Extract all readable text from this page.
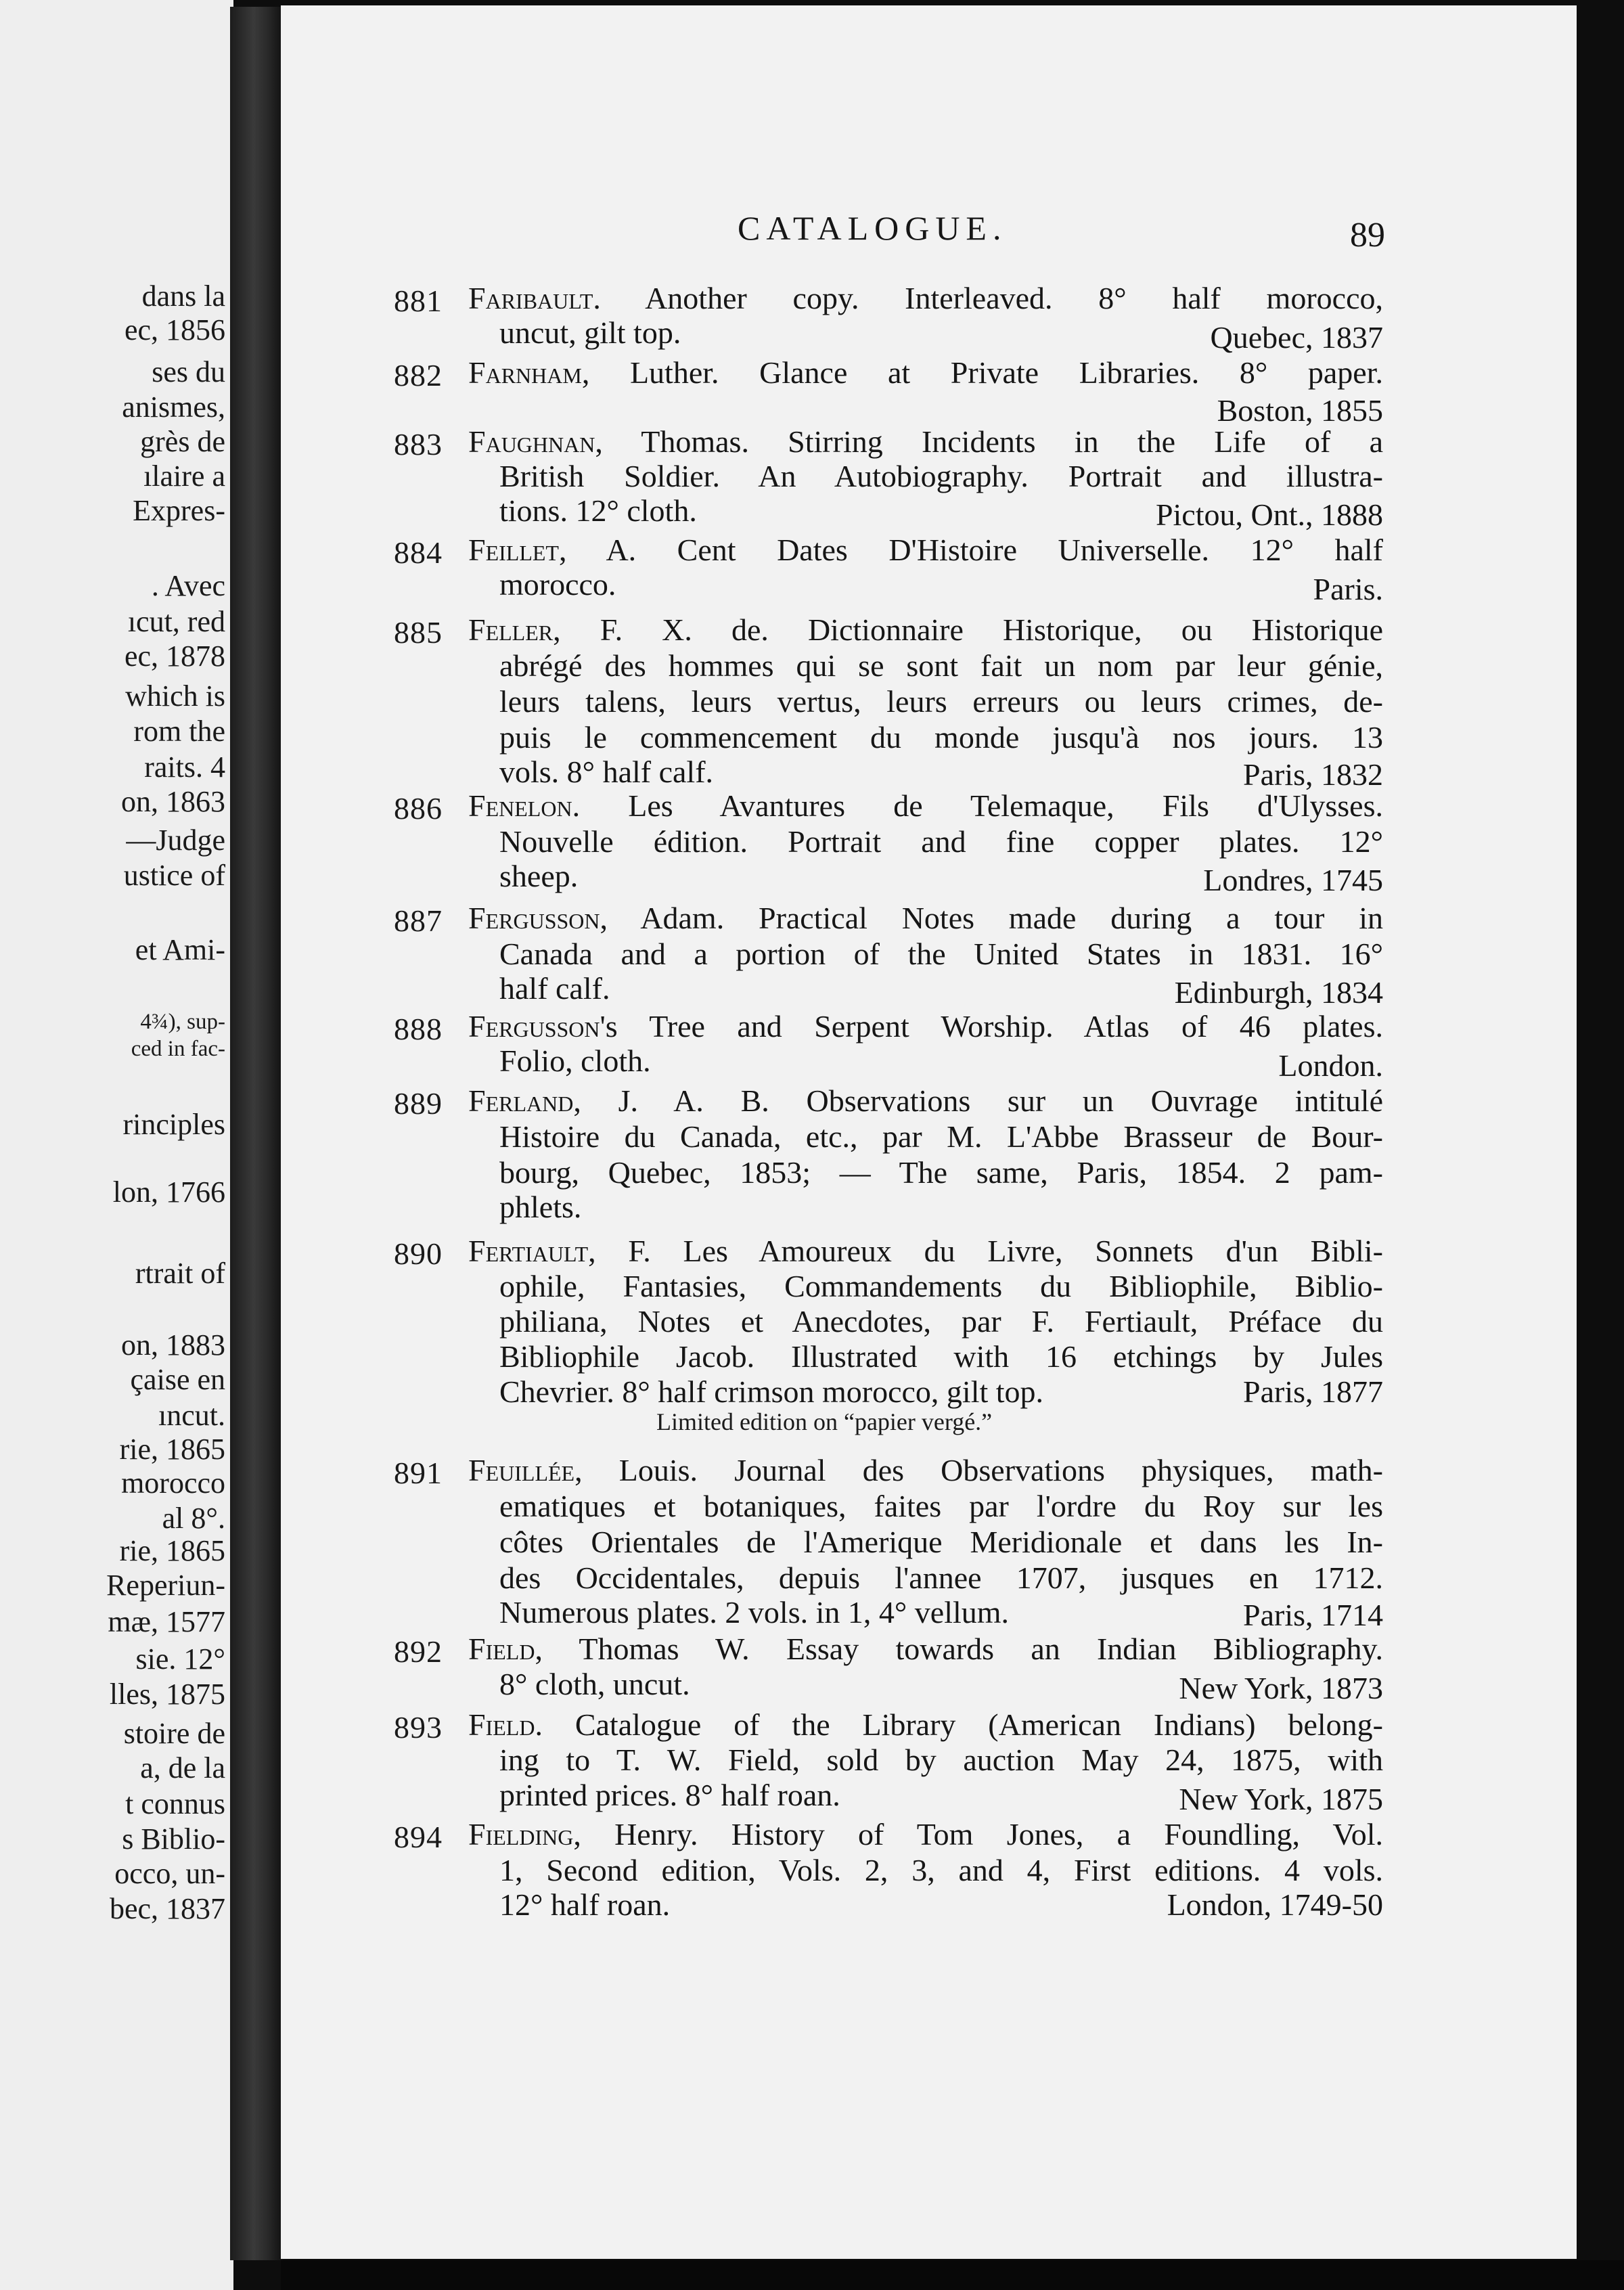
dans la
ec, 1856
ses du
anismes,
grès de
ılaire a
Expres-
. Avec
ıcut, red
ec, 1878
which is
rom the
raits. 4
on, 1863
—Judge
ustice of
et Ami-
4¾), sup-
ced in fac-
rinciples
lon, 1766
rtrait of
on, 1883
çaise en
ıncut.
rie, 1865
morocco
al 8°.
rie, 1865
Reperiun-
mæ, 1577
sie. 12°
lles, 1875
stoire de
a, de la
t connus
s Biblio-
occo, un-
bec, 1837
CATALOGUE.	89
881 Faribault. Another copy. Interleaved. 8° half morocco,
uncut, gilt top.	Quebec, 1837
882 Farnham, Luther. Glance at Private Libraries. 8° paper.
Boston, 1855
883 Faughnan, Thomas. Stirring Incidents in the Life of a
British Soldier. An Autobiography. Portrait and illustra-
tions. 12° cloth.	Pictou, Ont., 1888
884 Feillet, A. Cent Dates D'Histoire Universelle. 12° half
morocco.	Paris.
885 Feller, F. X. de. Dictionnaire Historique, ou Historique
abrégé des hommes qui se sont fait un nom par leur génie,
leurs talens, leurs vertus, leurs erreurs ou leurs crimes, de-
puis le commencement du monde jusqu'à nos jours. 13
vols. 8° half calf.	Paris, 1832
886 Fenelon. Les Avantures de Telemaque, Fils d'Ulysses.
Nouvelle édition. Portrait and fine copper plates. 12°
sheep.	Londres, 1745
887 Fergusson, Adam. Practical Notes made during a tour in
Canada and a portion of the United States in 1831. 16°
half calf.	Edinburgh, 1834
888 Fergusson's Tree and Serpent Worship. Atlas of 46 plates.
Folio, cloth.	London.
889 Ferland, J. A. B. Observations sur un Ouvrage intitulé
Histoire du Canada, etc., par M. L'Abbe Brasseur de Bour-
bourg, Quebec, 1853; — The same, Paris, 1854. 2 pam-
phlets.
890 Fertiault, F. Les Amoureux du Livre, Sonnets d'un Bibli-
ophile, Fantasies, Commandements du Bibliophile, Biblio-
philiana, Notes et Anecdotes, par F. Fertiault, Préface du
Bibliophile Jacob. Illustrated with 16 etchings by Jules
Chevrier. 8° half crimson morocco, gilt top.	Paris, 1877
Limited edition on “papier vergé.”
891 Feuillée, Louis. Journal des Observations physiques, math-
ematiques et botaniques, faites par l'ordre du Roy sur les
côtes Orientales de l'Amerique Meridionale et dans les In-
des Occidentales, depuis l'annee 1707, jusques en 1712.
Numerous plates. 2 vols. in 1, 4° vellum.	Paris, 1714
892 Field, Thomas W. Essay towards an Indian Bibliography.
8° cloth, uncut.	New York, 1873
893 Field. Catalogue of the Library (American Indians) belong-
ing to T. W. Field, sold by auction May 24, 1875, with
printed prices. 8° half roan.	New York, 1875
894 Fielding, Henry. History of Tom Jones, a Foundling, Vol.
1, Second edition, Vols. 2, 3, and 4, First editions. 4 vols.
12° half roan.	London, 1749-50
